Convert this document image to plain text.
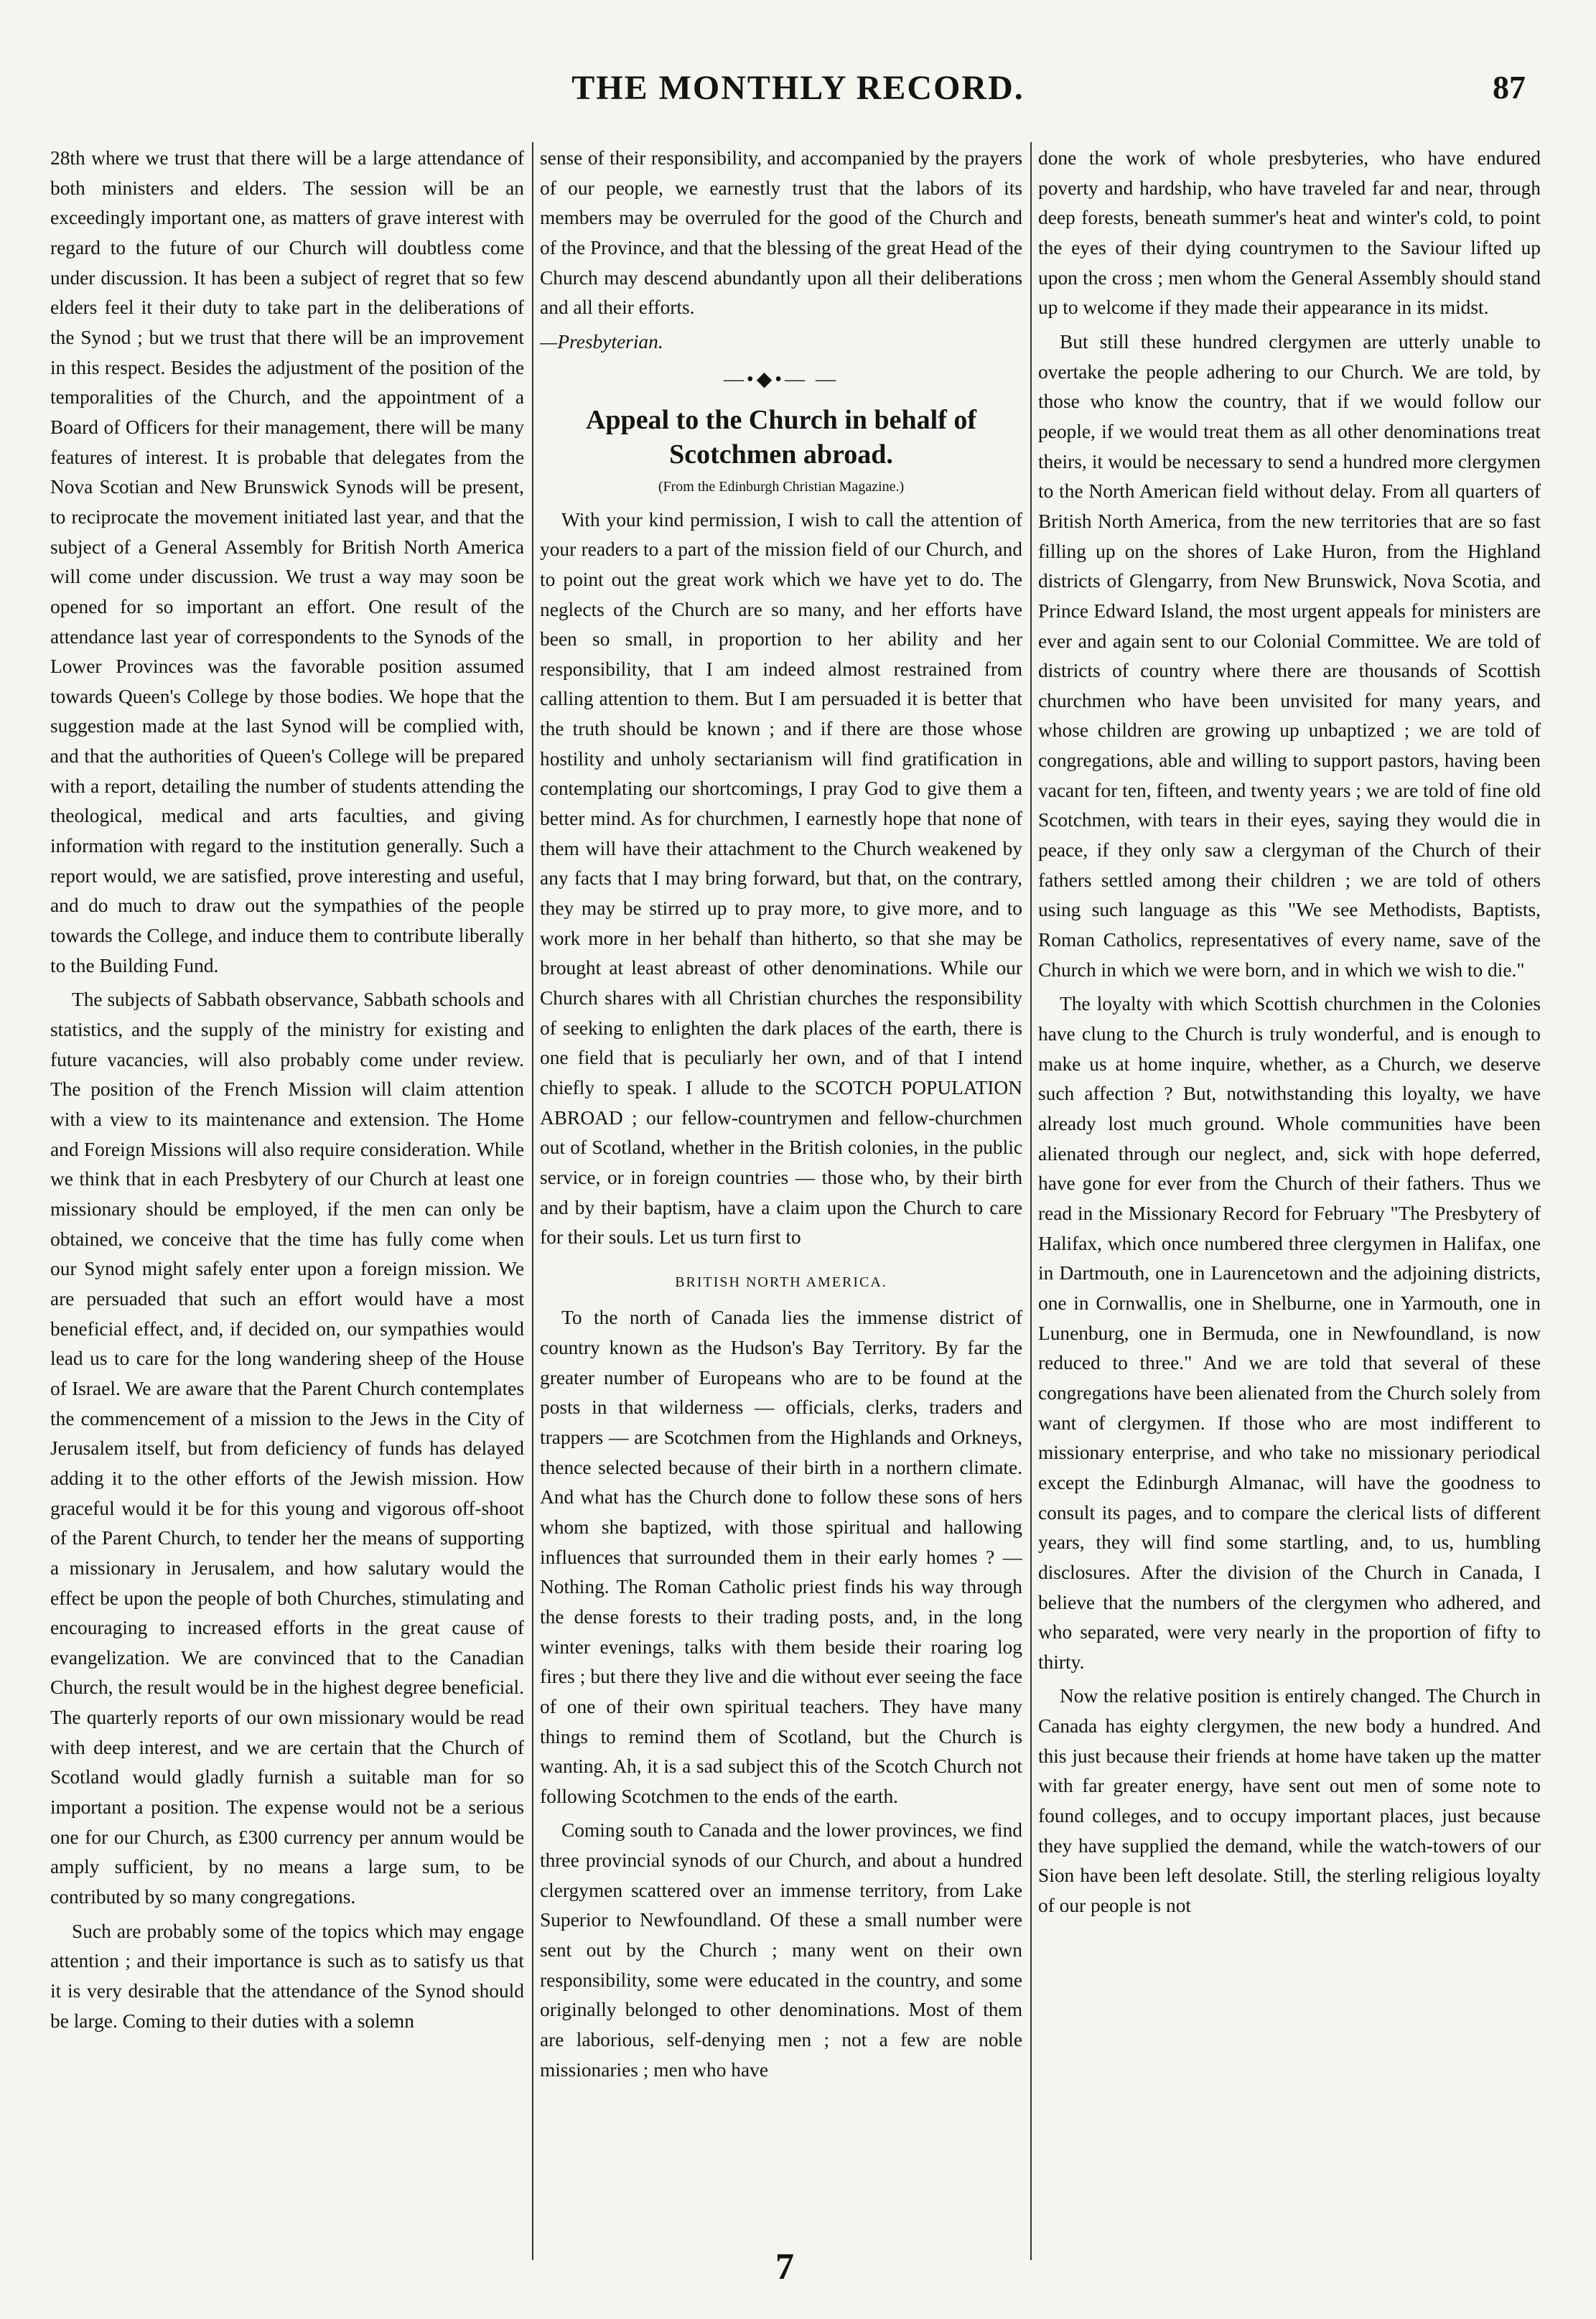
THE MONTHLY RECORD.	87

28th where we trust that there will be a large attendance of both ministers and elders. The session will be an exceedingly important one, as matters of grave interest with regard to the future of our Church will doubtless come under discussion. It has been a subject of regret that so few elders feel it their duty to take part in the deliberations of the Synod ; but we trust that there will be an improvement in this respect. Besides the adjustment of the position of the temporalities of the Church, and the appointment of a Board of Officers for their management, there will be many features of interest. It is probable that delegates from the Nova Scotian and New Brunswick Synods will be present, to reciprocate the movement initiated last year, and that the subject of a General Assembly for British North America will come under discussion. We trust a way may soon be opened for so important an effort. One result of the attendance last year of correspondents to the Synods of the Lower Provinces was the favorable position assumed towards Queen's College by those bodies. We hope that the suggestion made at the last Synod will be complied with, and that the authorities of Queen's College will be prepared with a report, detailing the number of students attending the theological, medical and arts faculties, and giving information with regard to the institution generally. Such a report would, we are satisfied, prove interesting and useful, and do much to draw out the sympathies of the people towards the College, and induce them to contribute liberally to the Building Fund.

The subjects of Sabbath observance, Sabbath schools and statistics, and the supply of the ministry for existing and future vacancies, will also probably come under review. The position of the French Mission will claim attention with a view to its maintenance and extension. The Home and Foreign Missions will also require consideration. While we think that in each Presbytery of our Church at least one missionary should be employed, if the men can only be obtained, we conceive that the time has fully come when our Synod might safely enter upon a foreign mission. We are persuaded that such an effort would have a most beneficial effect, and, if decided on, our sympathies would lead us to care for the long wandering sheep of the House of Israel. We are aware that the Parent Church contemplates the commencement of a mission to the Jews in the City of Jerusalem itself, but from deficiency of funds has delayed adding it to the other efforts of the Jewish mission. How graceful would it be for this young and vigorous off-shoot of the Parent Church, to tender her the means of supporting a missionary in Jerusalem, and how salutary would the effect be upon the people of both Churches, stimulating and encouraging to increased efforts in the great cause of evangelization. We are convinced that to the Canadian Church, the result would be in the highest degree beneficial. The quarterly reports of our own missionary would be read with deep interest, and we are certain that the Church of Scotland would gladly furnish a suitable man for so important a position. The expense would not be a serious one for our Church, as £300 currency per annum would be amply sufficient, by no means a large sum, to be contributed by so many congregations.

Such are probably some of the topics which may engage attention ; and their importance is such as to satisfy us that it is very desirable that the attendance of the Synod should be large. Coming to their duties with a solemn

sense of their responsibility, and accompanied by the prayers of our people, we earnestly trust that the labors of its members may be overruled for the good of the Church and of the Province, and that the blessing of the great Head of the Church may descend abundantly upon all their deliberations and all their efforts.

—Presbyterian.

—•◆•— —
Appeal to the Church in behalf of Scotchmen abroad.
(From the Edinburgh Christian Magazine.)

With your kind permission, I wish to call the attention of your readers to a part of the mission field of our Church, and to point out the great work which we have yet to do. The neglects of the Church are so many, and her efforts have been so small, in proportion to her ability and her responsibility, that I am indeed almost restrained from calling attention to them. But I am persuaded it is better that the truth should be known ; and if there are those whose hostility and unholy sectarianism will find gratification in contemplating our shortcomings, I pray God to give them a better mind. As for churchmen, I earnestly hope that none of them will have their attachment to the Church weakened by any facts that I may bring forward, but that, on the contrary, they may be stirred up to pray more, to give more, and to work more in her behalf than hitherto, so that she may be brought at least abreast of other denominations. While our Church shares with all Christian churches the responsibility of seeking to enlighten the dark places of the earth, there is one field that is peculiarly her own, and of that I intend chiefly to speak. I allude to the SCOTCH POPULATION ABROAD ; our fellow-countrymen and fellow-churchmen out of Scotland, whether in the British colonies, in the public service, or in foreign countries — those who, by their birth and by their baptism, have a claim upon the Church to care for their souls. Let us turn first to

BRITISH NORTH AMERICA.

To the north of Canada lies the immense district of country known as the Hudson's Bay Territory. By far the greater number of Europeans who are to be found at the posts in that wilderness — officials, clerks, traders and trappers — are Scotchmen from the Highlands and Orkneys, thence selected because of their birth in a northern climate. And what has the Church done to follow these sons of hers whom she baptized, with those spiritual and hallowing influences that surrounded them in their early homes ? — Nothing. The Roman Catholic priest finds his way through the dense forests to their trading posts, and, in the long winter evenings, talks with them beside their roaring log fires ; but there they live and die without ever seeing the face of one of their own spiritual teachers. They have many things to remind them of Scotland, but the Church is wanting. Ah, it is a sad subject this of the Scotch Church not following Scotchmen to the ends of the earth.

Coming south to Canada and the lower provinces, we find three provincial synods of our Church, and about a hundred clergymen scattered over an immense territory, from Lake Superior to Newfoundland. Of these a small number were sent out by the Church ; many went on their own responsibility, some were educated in the country, and some originally belonged to other denominations. Most of them are laborious, self-denying men ; not a few are noble missionaries ; men who have

done the work of whole presbyteries, who have endured poverty and hardship, who have traveled far and near, through deep forests, beneath summer's heat and winter's cold, to point the eyes of their dying countrymen to the Saviour lifted up upon the cross ; men whom the General Assembly should stand up to welcome if they made their appearance in its midst.

But still these hundred clergymen are utterly unable to overtake the people adhering to our Church. We are told, by those who know the country, that if we would follow our people, if we would treat them as all other denominations treat theirs, it would be necessary to send a hundred more clergymen to the North American field without delay. From all quarters of British North America, from the new territories that are so fast filling up on the shores of Lake Huron, from the Highland districts of Glengarry, from New Brunswick, Nova Scotia, and Prince Edward Island, the most urgent appeals for ministers are ever and again sent to our Colonial Committee. We are told of districts of country where there are thousands of Scottish churchmen who have been unvisited for many years, and whose children are growing up unbaptized ; we are told of congregations, able and willing to support pastors, having been vacant for ten, fifteen, and twenty years ; we are told of fine old Scotchmen, with tears in their eyes, saying they would die in peace, if they only saw a clergyman of the Church of their fathers settled among their children ; we are told of others using such language as this "We see Methodists, Baptists, Roman Catholics, representatives of every name, save of the Church in which we were born, and in which we wish to die."

The loyalty with which Scottish churchmen in the Colonies have clung to the Church is truly wonderful, and is enough to make us at home inquire, whether, as a Church, we deserve such affection ? But, notwithstanding this loyalty, we have already lost much ground. Whole communities have been alienated through our neglect, and, sick with hope deferred, have gone for ever from the Church of their fathers. Thus we read in the Missionary Record for February "The Presbytery of Halifax, which once numbered three clergymen in Halifax, one in Dartmouth, one in Laurencetown and the adjoining districts, one in Cornwallis, one in Shelburne, one in Yarmouth, one in Lunenburg, one in Bermuda, one in Newfoundland, is now reduced to three." And we are told that several of these congregations have been alienated from the Church solely from want of clergymen. If those who are most indifferent to missionary enterprise, and who take no missionary periodical except the Edinburgh Almanac, will have the goodness to consult its pages, and to compare the clerical lists of different years, they will find some startling, and, to us, humbling disclosures. After the division of the Church in Canada, I believe that the numbers of the clergymen who adhered, and who separated, were very nearly in the proportion of fifty to thirty.

Now the relative position is entirely changed. The Church in Canada has eighty clergymen, the new body a hundred. And this just because their friends at home have taken up the matter with far greater energy, have sent out men of some note to found colleges, and to occupy important places, just because they have supplied the demand, while the watch-towers of our Sion have been left desolate. Still, the sterling religious loyalty of our people is not

7
